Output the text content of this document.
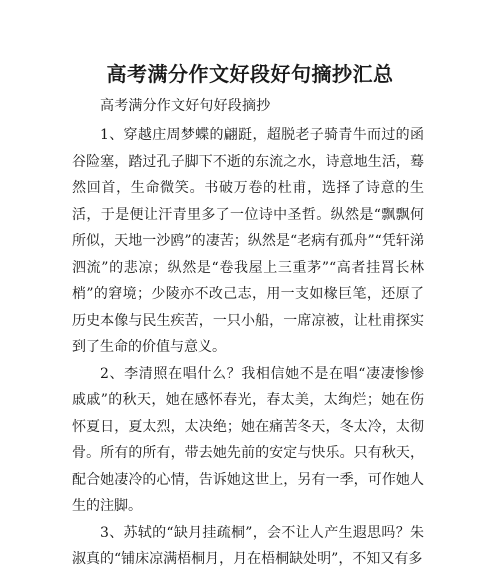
高考满分作文好段好句摘抄汇总
高考满分作文好句好段摘抄

1、穿越庄周梦蝶的翩跹，超脱老子骑青牛而过的函谷险塞，踏过孔子脚下不逝的东流之水，诗意地生活，蓦然回首，生命微笑。书破万卷的杜甫，选择了诗意的生活，于是便让汗青里多了一位诗中圣哲。纵然是“飘飘何所似，天地一沙鸥”的凄苦；纵然是“老病有孤舟”“凭轩涕泗流”的悲凉；纵然是“卷我屋上三重茅”“高者挂罥长林梢”的窘境；少陵亦不改己志，用一支如椽巨笔，还原了历史本像与民生疾苦，一只小船，一席凉被，让杜甫探实到了生命的价值与意义。

2、李清照在唱什么？我相信她不是在唱“凄凄惨惨戚戚”的秋天，她在感怀春光，春太美，太绚烂；她在伤怀夏日，夏太烈，太决绝；她在痛苦冬天，冬太冷，太彻骨。所有的所有，带去她先前的安定与快乐。只有秋天，配合她凄冷的心情，告诉她这世上，另有一季，可作她人生的注脚。

3、苏轼的“缺月挂疏桐”，会不让人产生遐思吗？朱淑真的“铺床凉满梧桐月，月在梧桐缺处明”，不知又有多
